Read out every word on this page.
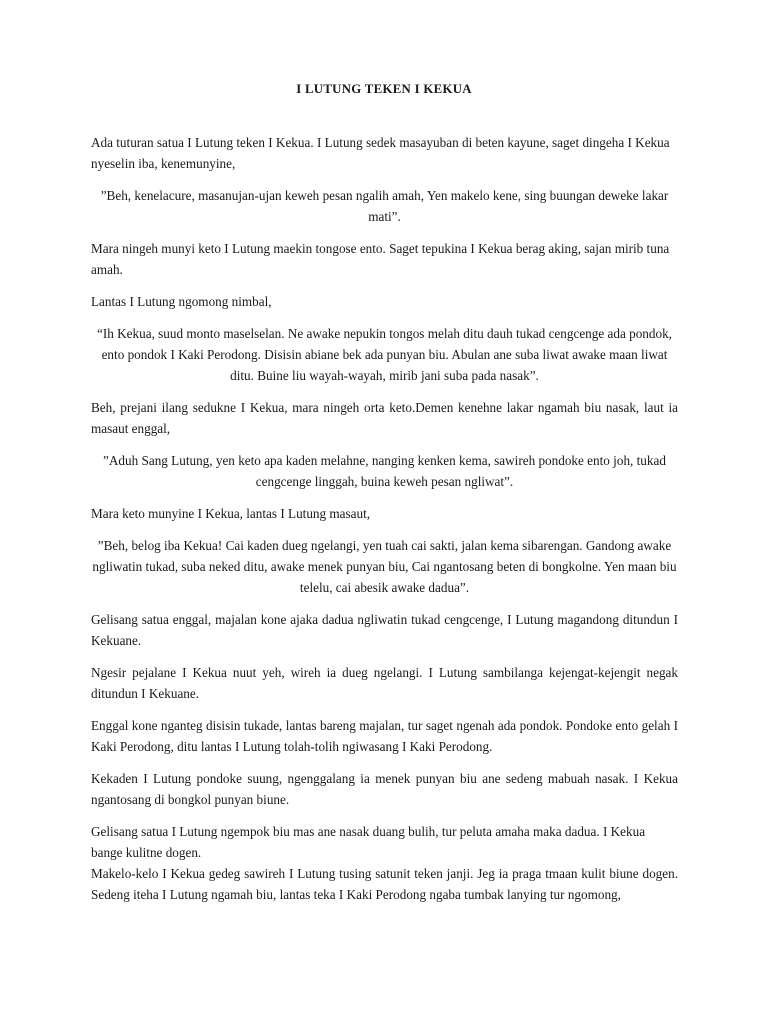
I LUTUNG TEKEN I KEKUA

Ada tuturan satua I Lutung teken I Kekua. I Lutung sedek masayuban di beten kayune, saget dingeha I Kekua nyeselin iba, kenemunyine,

”Beh, kenelacure, masanujan-ujan keweh pesan ngalih amah, Yen makelo kene, sing buungan deweke lakar mati”.

Mara ningeh munyi keto I Lutung maekin tongose ento. Saget tepukina I Kekua berag aking, sajan mirib tuna amah.

Lantas I Lutung ngomong nimbal,

“Ih Kekua, suud monto maselselan. Ne awake nepukin tongos melah ditu dauh tukad cengcenge ada pondok, ento pondok I Kaki Perodong. Disisin abiane bek ada punyan biu. Abulan ane suba liwat awake maan liwat ditu. Buine liu wayah-wayah, mirib jani suba pada nasak”.

Beh, prejani ilang sedukne I Kekua, mara ningeh orta keto.Demen kenehne lakar ngamah biu nasak, laut ia masaut enggal,

”Aduh Sang Lutung, yen keto apa kaden melahne, nanging kenken kema, sawireh pondoke ento joh, tukad cengcenge linggah, buina keweh pesan ngliwat”.

Mara keto munyine I Kekua, lantas I Lutung masaut,

”Beh, belog iba Kekua! Cai kaden dueg ngelangi, yen tuah cai sakti, jalan kema sibarengan. Gandong awake ngliwatin tukad, suba neked ditu, awake menek punyan biu, Cai ngantosang beten di bongkolne. Yen maan biu telelu, cai abesik awake dadua”.

Gelisang satua enggal, majalan kone ajaka dadua ngliwatin tukad cengcenge, I Lutung magandong ditundun I Kekuane.

Ngesir pejalane I Kekua nuut yeh, wireh ia dueg ngelangi. I Lutung sambilanga kejengat-kejengit negak ditundun I Kekuane.

Enggal kone nganteg disisin tukade, lantas bareng majalan, tur saget ngenah ada pondok. Pondoke ento gelah I Kaki Perodong, ditu lantas I Lutung tolah-tolih ngiwasang I Kaki Perodong.

Kekaden I Lutung pondoke suung, ngenggalang ia menek punyan biu ane sedeng mabuah nasak. I Kekua ngantosang di bongkol punyan biune.

Gelisang satua I Lutung ngempok biu mas ane nasak duang bulih, tur peluta amaha maka dadua. I Kekua bange kulitne dogen.

Makelo-kelo I Kekua gedeg sawireh I Lutung tusing satunit teken janji. Jeg ia praga tmaan kulit biune dogen. Sedeng iteha I Lutung ngamah biu, lantas teka I Kaki Perodong ngaba tumbak lanying tur ngomong,
